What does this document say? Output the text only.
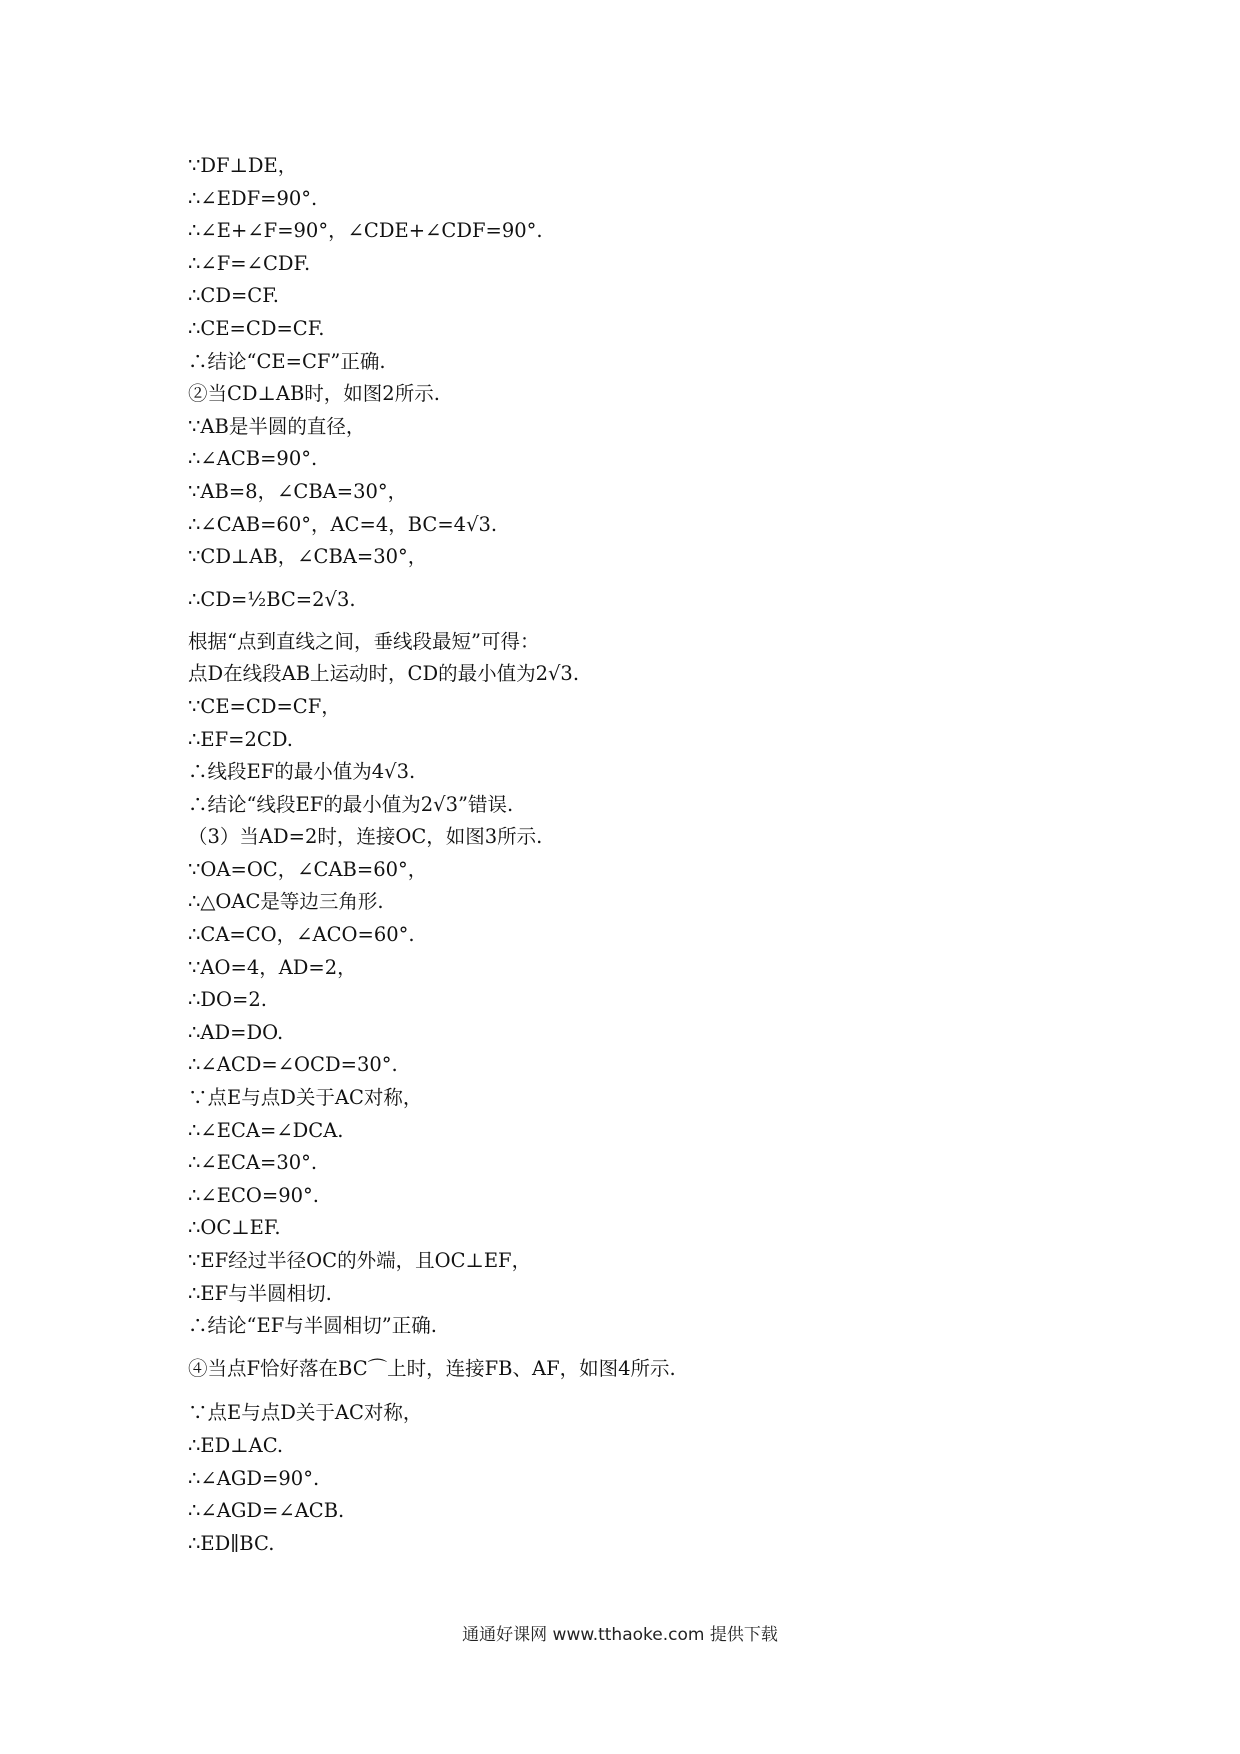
∵DF⊥DE，
∴∠EDF=90°.
∴∠E+∠F=90°，∠CDE+∠CDF=90°.
∴∠F=∠CDF.
∴CD=CF.
∴CE=CD=CF.
∴结论“CE=CF”正确.
②当CD⊥AB时，如图2所示.
∵AB是半圆的直径，
∴∠ACB=90°.
∵AB=8，∠CBA=30°，
∴∠CAB=60°，AC=4，BC=4√3.
∵CD⊥AB，∠CBA=30°，
∴CD=½BC=2√3.
根据“点到直线之间，垂线段最短”可得：
点D在线段AB上运动时，CD的最小值为2√3.
∵CE=CD=CF，
∴EF=2CD.
∴线段EF的最小值为4√3.
∴结论“线段EF的最小值为2√3”错误.
（3）当AD=2时，连接OC，如图3所示.
∵OA=OC，∠CAB=60°，
∴△OAC是等边三角形.
∴CA=CO，∠ACO=60°.
∵AO=4，AD=2，
∴DO=2.
∴AD=DO.
∴∠ACD=∠OCD=30°.
∵点E与点D关于AC对称，
∴∠ECA=∠DCA.
∴∠ECA=30°.
∴∠ECO=90°.
∴OC⊥EF.
∵EF经过半径OC的外端，且OC⊥EF，
∴EF与半圆相切.
∴结论“EF与半圆相切”正确.
④当点F恰好落在BC⌒上时，连接FB、AF，如图4所示.
∵点E与点D关于AC对称，
∴ED⊥AC.
∴∠AGD=90°.
∴∠AGD=∠ACB.
∴ED∥BC.
通通好课网 www.tthaoke.com 提供下载
